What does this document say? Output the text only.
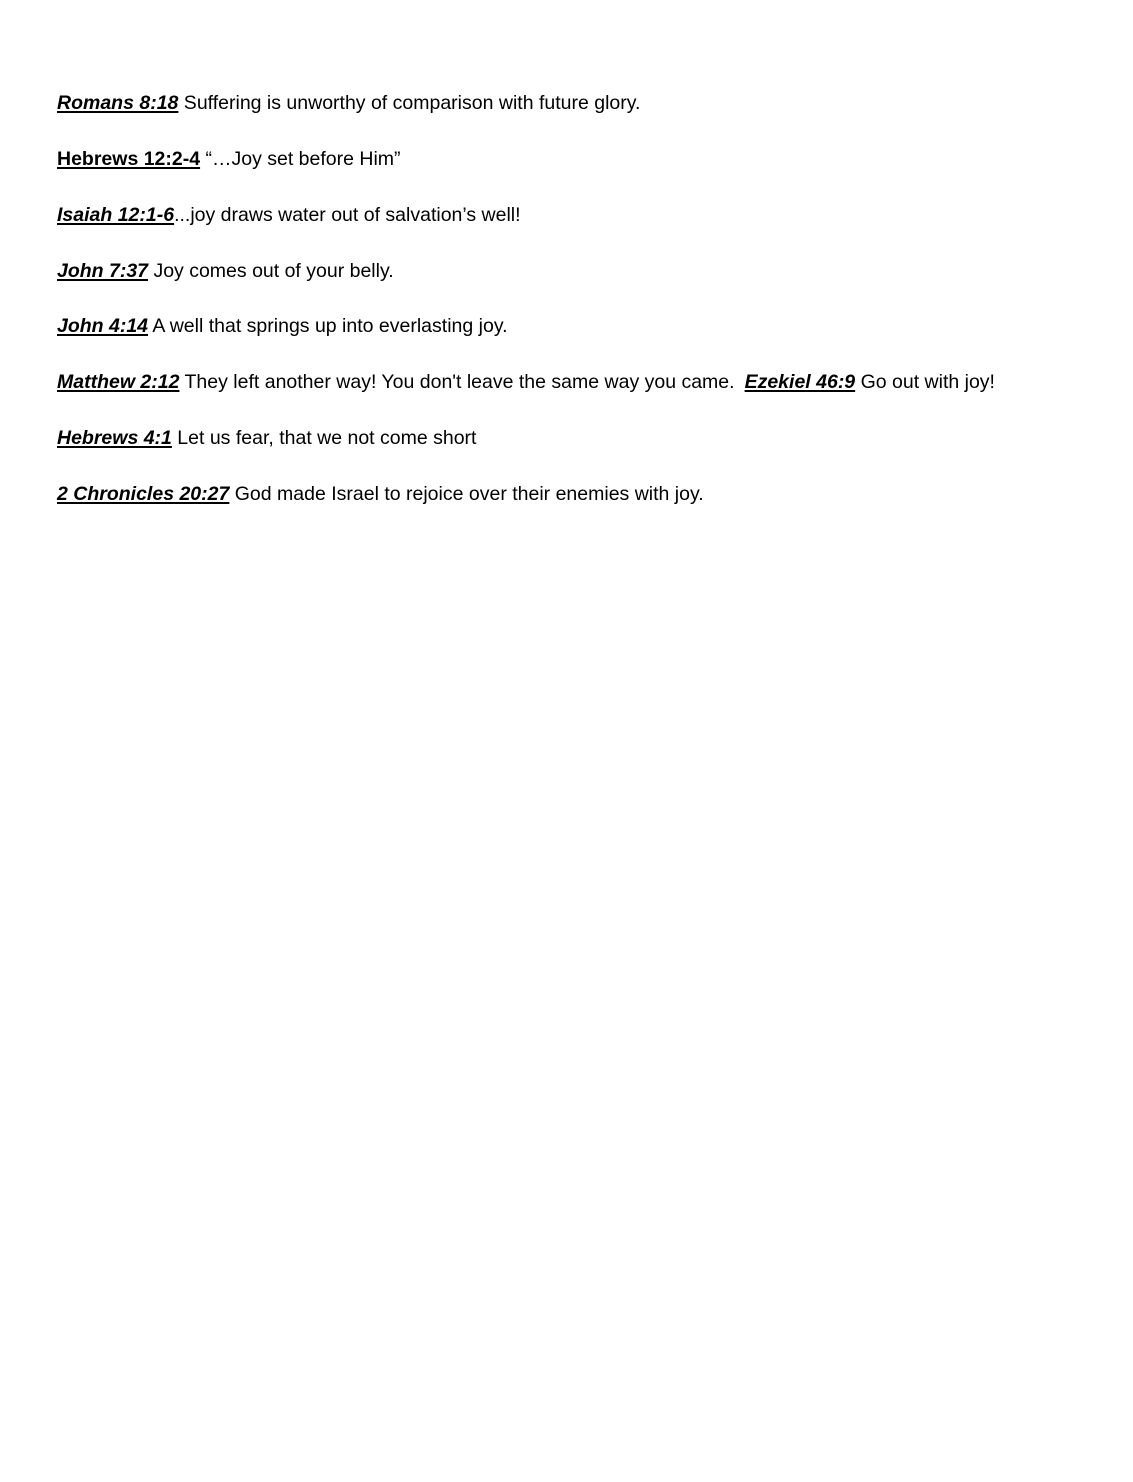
Romans 8:18 Suffering is unworthy of comparison with future glory.

Hebrews 12:2-4 “…Joy set before Him”

Isaiah 12:1-6...joy draws water out of salvation’s well!

John 7:37 Joy comes out of your belly.

John 4:14 A well that springs up into everlasting joy.

Matthew 2:12 They left another way! You don't leave the same way you came. Ezekiel 46:9 Go out with joy!

Hebrews 4:1 Let us fear, that we not come short

2 Chronicles 20:27 God made Israel to rejoice over their enemies with joy.
